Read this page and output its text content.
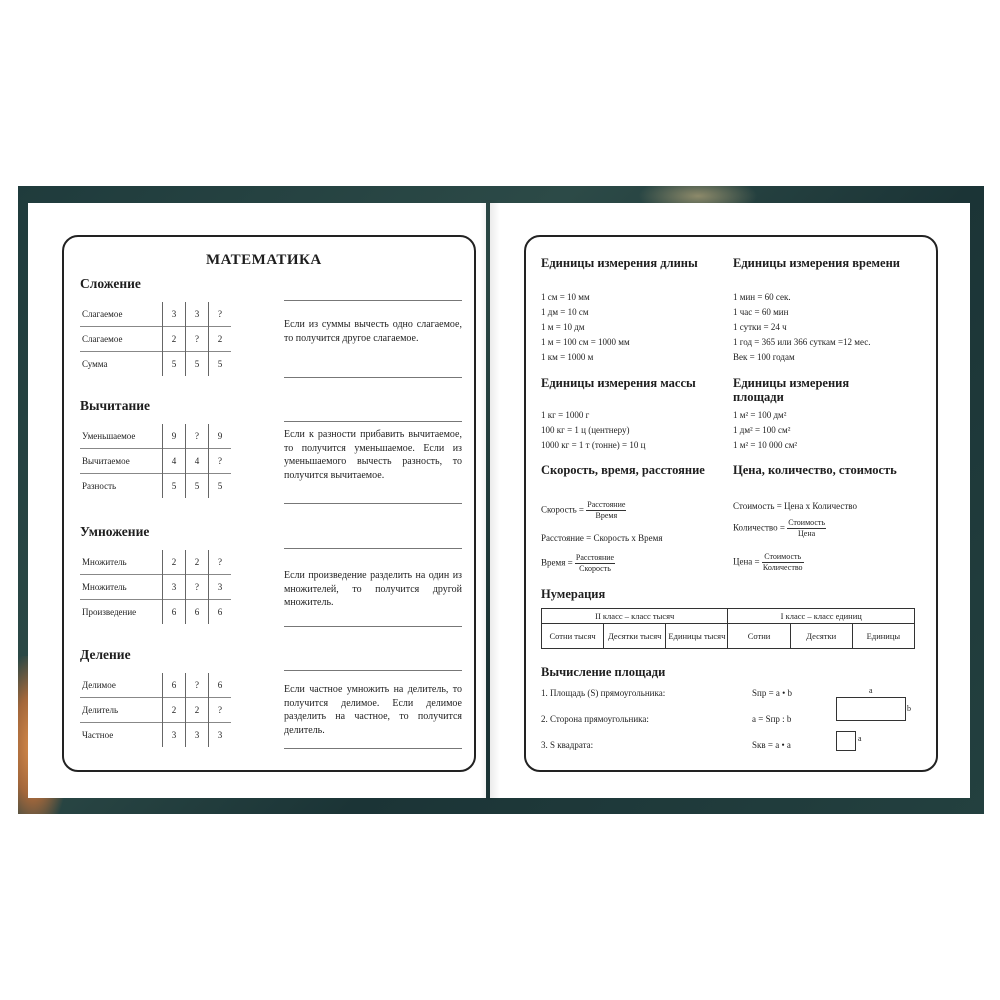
МАТЕМАТИКА
Сложение
Слагаемое	3	3	?
Слагаемое	2	?	2
Сумма	5	5	5
Если из суммы вычесть одно слагаемое, то получится другое слагаемое.
Вычитание
Уменьшаемое	9	?	9
Вычитаемое	4	4	?
Разность	5	5	5
Если к разности прибавить вычитаемое, то получится уменьшаемое. Если из уменьшаемого вычесть разность, то получится вычитаемое.
Умножение
Множитель	2	2	?
Множитель	3	?	3
Произведение	6	6	6
Если произведение разделить на один из множителей, то получится другой множитель.
Деление
Делимое	6	?	6
Делитель	2	2	?
Частное	3	3	3
Если частное умножить на делитель, то получится делимое. Если делимое разделить на частное, то получится делитель.
Единицы измерения длины
1 см = 10 мм
1 дм = 10 см
1 м = 10 дм
1 м = 100 см = 1000 мм
1 км = 1000 м
Единицы измерения времени
1 мин = 60 сек.
1 час = 60 мин
1 сутки = 24 ч
1 год = 365 или 366 суткам =12 мес.
Век = 100 годам
Единицы измерения массы
1 кг = 1000 г
100 кг = 1 ц (центнеру)
1000 кг = 1 т (тонне) = 10 ц
Единицы измерения площади
1 м² = 100 дм²
1 дм² = 100 см²
1 м² = 10 000 см²
Скорость, время, расстояние
Скорость = $\frac{\text{Расстояние}}{\text{Время}}$
Расстояние = Скорость х Время
Время = $\frac{\text{Расстояние}}{\text{Скорость}}$
Цена, количество, стоимость
Стоимость = Цена х Количество
Количество = $\frac{\text{Стоимость}}{\text{Цена}}$
Цена = $\frac{\text{Стоимость}}{\text{Количество}}$
Нумерация
II класс – класс тысяч			I класс – класс единиц		
Сотни тысяч	Десятки тысяч	Единицы тысяч	Сотни	Десятки	Единицы
Вычисление площади
1. Площадь (S) прямоугольника:	Sпр = a • b
2. Сторона прямоугольника:	a = Sпр : b
3. S квадрата:	Sкв = a • a
a
b
a
